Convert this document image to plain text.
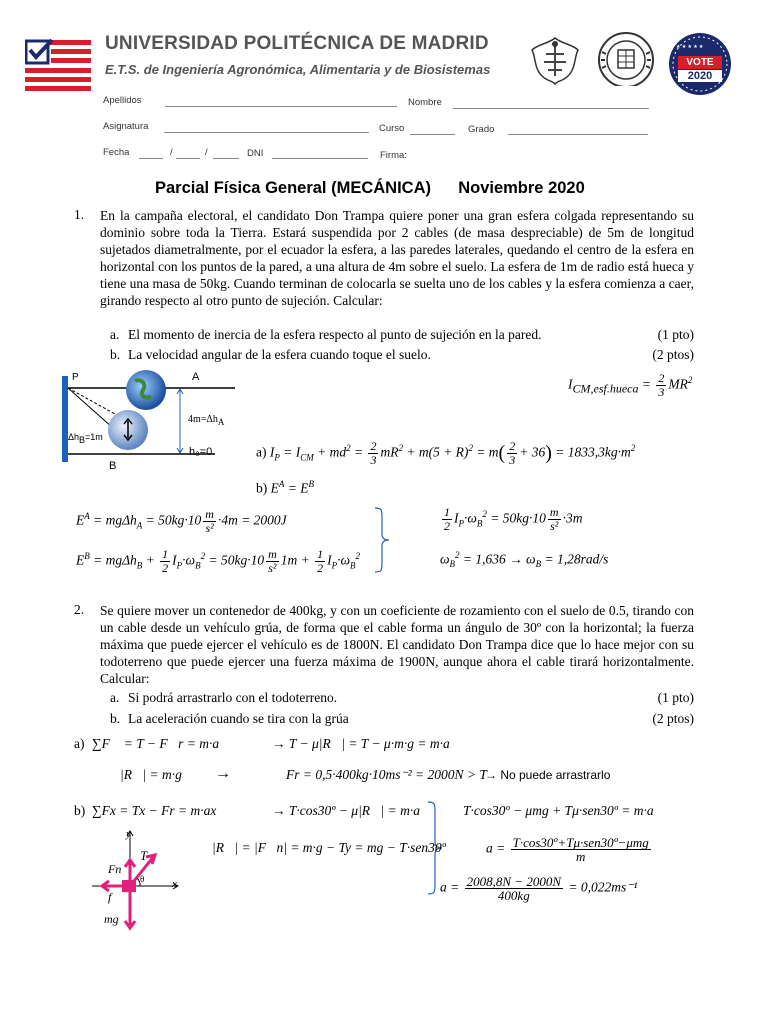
UNIVERSIDAD POLITÉCNICA DE MADRID
E.T.S. de Ingeniería Agronómica, Alimentaria y de Biosistemas
★ ★ ★ ★ ★
VOTE
2020
Apellidos	Nombre
Asignatura	Curso	Grado
Fecha	/	/	DNI	Firma:
Parcial Física General (MECÁNICA) Noviembre 2020
1. En la campaña electoral, el candidato Don Trampa quiere poner una gran esfera colgada representando su dominio sobre toda la Tierra. Estará suspendida por 2 cables (de masa despreciable) de 5m de longitud sujetados diametralmente, por el ecuador la esfera, a las paredes laterales, quedando el centro de la esfera en horizontal con los puntos de la pared, a una altura de 4m sobre el suelo. La esfera de 1m de radio está hueca y tiene una masa de 50kg. Cuando terminan de colocarla se suelta uno de los cables y la esfera comienza a caer, girando respecto al otro punto de sujeción. Calcular:
a. El momento de inercia de la esfera respecto al punto de sujeción en la pared.	(1 pto)
b. La velocidad angular de la esfera cuando toque el suelo.	(2 ptos)
P	A
B
$4m=\Delta h_A$
$\Delta h_B=1m$
h₀=0
$I_{CM,esf.hueca} = \frac{2}{3} MR^2$
a) $I_P = I_{CM} + md^2 = \frac{2}{3} mR^2 + m(5 + R)^2 = m( \frac{2}{3} + 36) = 1833,3kg\cdot m^2$
b) $E^A = E^B$
$E^A = mg\Delta h_A = 50kg\cdot 10 \frac{m}{\text{s²}} \cdot 4m = 2000J$
$E^B = mg\Delta h_B + \frac{1}{2} I_P\cdot\omega_B^2 = 50kg\cdot 10 \frac{m}{\text{s²}} 1m + \frac{1}{2} I_P\cdot\omega_B^2$
$\frac{1}{2} I_P\cdot\omega_B^2 = 50kg\cdot 10 \frac{m}{\text{s²}} \cdot 3m$
$\omega_B^2 = 1,636 \to \omega_B = 1,28rad/s$
2. Se quiere mover un contenedor de 400kg, y con un coeficiente de rozamiento con el suelo de 0.5, tirando con un cable desde un vehículo grúa, de forma que el cable forma un ángulo de 30º con la horizontal; la fuerza máxima que puede ejercer el vehículo es de 1800N. El candidato Don Trampa dice que lo hace mejor con su todoterreno que puede ejercer una fuerza máxima de 1900N, aunque ahora el cable tirará horizontalmente. Calcular:
a. Si podrá arrastrarlo con el todoterreno.	(1 pto)
b. La aceleración cuando se tira con la grúa	(2 ptos)
a) ∑F⃗ = T − F⃗r = m·a⃗	→ T − μ|R⃗| = T − μ·m·g = m·a
|R⃗| = m·g →	Fr = 0,5·400kg·10ms⁻² = 2000N > T
→ No puede arrastrarlo
b) ∑Fx = Tx − Fr = m·ax	→ T·cos30º − μ|R⃗| = m·a	T·cos30º − μmg + Tμ·sen30º = m·a
|R⃗| = |F⃗n| = m·g − Ty = mg − T·sen30º	$a = \frac{\text{T·cos30º+Tμ·sen30º−μmg}}{m}$
$a = \frac{2008,8N - 2000N}{400kg} = 0,022ms^{-1}$
y
x
T
Fn
f
mg
θ
